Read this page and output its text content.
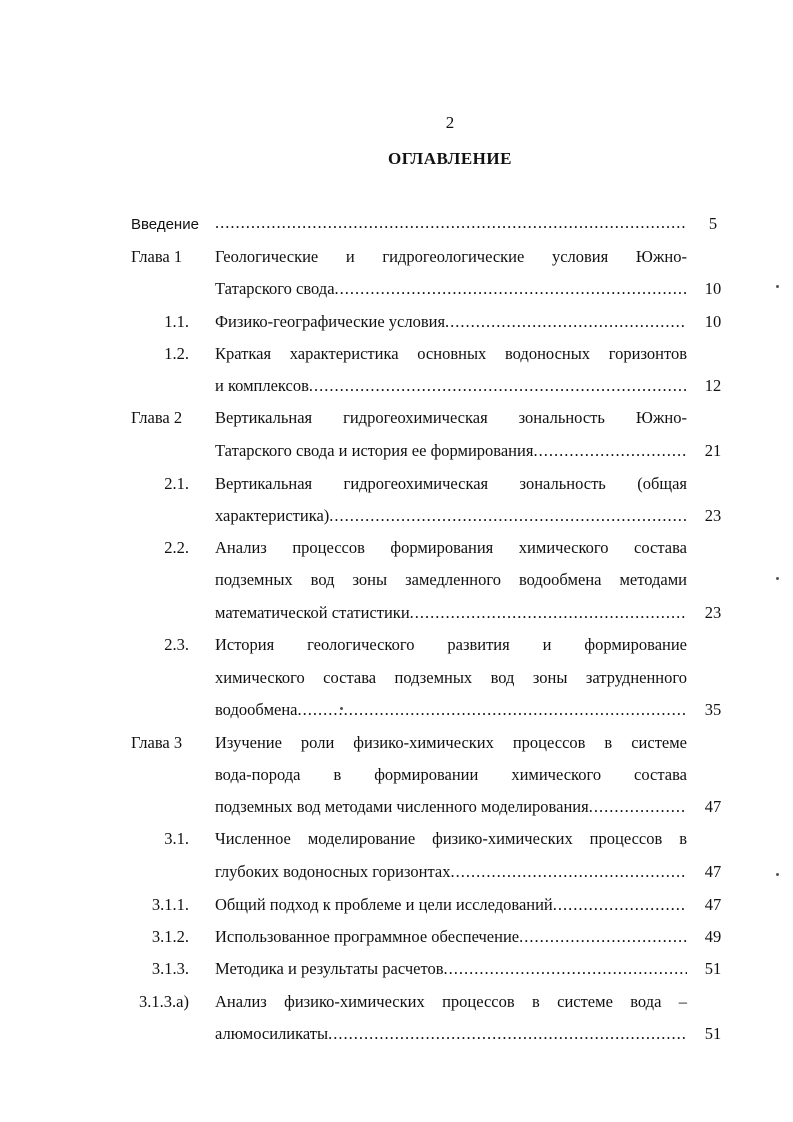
2
ОГЛАВЛЕНИЕ
Введение .....	5
Глава 1 Геологические и гидрогеологические условия Южно-
Татарского свода .....	10
1.1. Физико-географические условия .....	10
1.2. Краткая характеристика основных водоносных горизонтов
и комплексов .....	12
Глава 2 Вертикальная гидрогеохимическая зональность Южно-
Татарского свода и история ее формирования .....	21
2.1. Вертикальная гидрогеохимическая зональность (общая
характеристика) .....	23
2.2. Анализ процессов формирования химического состава
подземных вод зоны замедленного водообмена методами
математической статистики .....	23
2.3. История геологического развития и формирование
химического состава подземных вод зоны затрудненного
водообмена .....	35
Глава 3 Изучение роли физико-химических процессов в системе
вода-порода в формировании химического состава
подземных вод методами численного моделирования .....	47
3.1. Численное моделирование физико-химических процессов в
глубоких водоносных горизонтах .....	47
3.1.1. Общий подход к проблеме и цели исследований .....	47
3.1.2. Использованное программное обеспечение .....	49
3.1.3. Методика и результаты расчетов .....	51
3.1.3.а) Анализ физико-химических процессов в системе вода –
алюмосиликаты .....	51
